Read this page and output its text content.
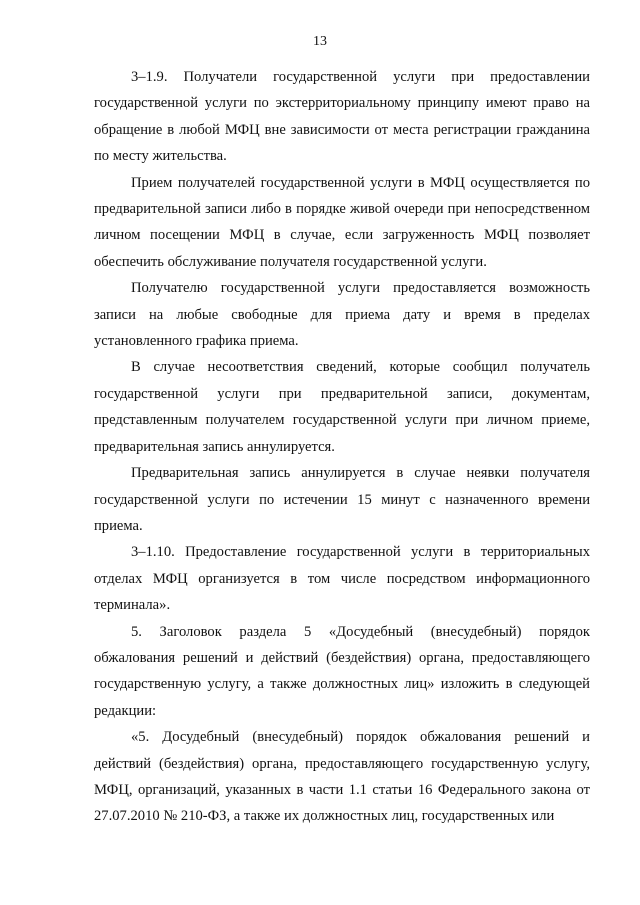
13

3–1.9. Получатели государственной услуги при предоставлении государственной услуги по экстерриториальному принципу имеют право на обращение в любой МФЦ вне зависимости от места регистрации гражданина по месту жительства.

Прием получателей государственной услуги в МФЦ осуществляется по предварительной записи либо в порядке живой очереди при непосредственном личном посещении МФЦ в случае, если загруженность МФЦ позволяет обеспечить обслуживание получателя государственной услуги.

Получателю государственной услуги предоставляется возможность записи на любые свободные для приема дату и время в пределах установленного графика приема.

В случае несоответствия сведений, которые сообщил получатель государственной услуги при предварительной записи, документам, представленным получателем государственной услуги при личном приеме, предварительная запись аннулируется.

Предварительная запись аннулируется в случае неявки получателя государственной услуги по истечении 15 минут с назначенного времени приема.

3–1.10. Предоставление государственной услуги в территориальных отделах МФЦ организуется в том числе посредством информационного терминала».

5. Заголовок раздела 5 «Досудебный (внесудебный) порядок обжалования решений и действий (бездействия) органа, предоставляющего государственную услугу, а также должностных лиц» изложить в следующей редакции:

«5. Досудебный (внесудебный) порядок обжалования решений и действий (бездействия) органа, предоставляющего государственную услугу, МФЦ, организаций, указанных в части 1.1 статьи 16 Федерального закона от 27.07.2010 № 210-ФЗ, а также их должностных лиц, государственных или
